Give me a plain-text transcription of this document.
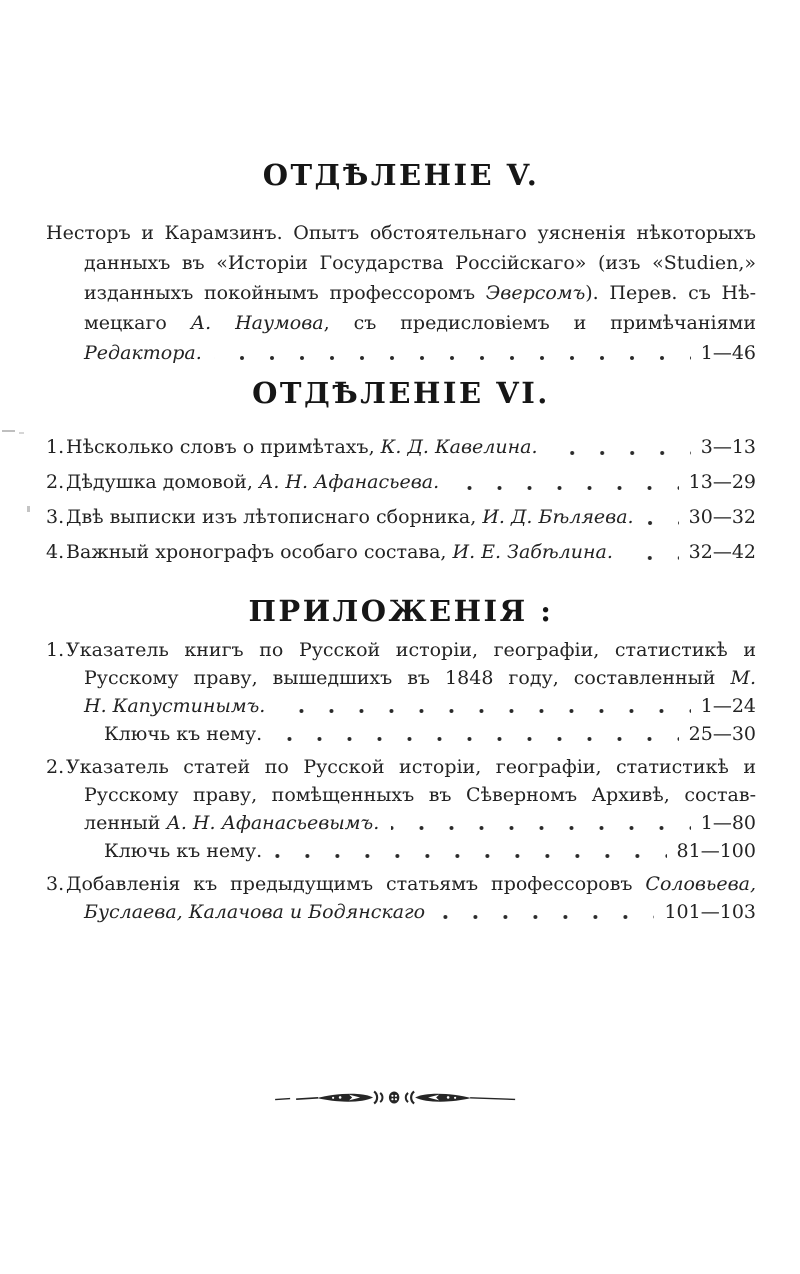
ОТДѢЛЕНІЕ V.
Несторъ и Карамзинъ. Опытъ обстоятельнаго уясненія нѣкоторыхъ
данныхъ въ «Исторіи Государства Россійскаго» (изъ «Studien,»
изданныхъ покойнымъ профессоромъ Эверсомъ). Перев. съ Нѣ-
мецкаго А. Наумова, съ предисловіемъ и примѣчаніями
Редактора.	1—46
ОТДѢЛЕНІЕ VI.
1. Нѣсколько словъ о примѣтахъ, К. Д. Кавелина.	3—13
2. Дѣдушка домовой, А. Н. Афанасьева.	13—29
3. Двѣ выписки изъ лѣтописнаго сборника, И. Д. Бѣляева.	30—32
4. Важный хронографъ особаго состава, И. Е. Забѣлина.	32—42
ПРИЛОЖЕНІЯ :
1. Указатель книгъ по Русской исторіи, географіи, статистикѣ и
Русскому праву, вышедшихъ въ 1848 году, составленный М.
Н. Капустинымъ.	1—24
Ключь къ нему.	25—30
2. Указатель статей по Русской исторіи, географіи, статистикѣ и
Русскому праву, помѣщенныхъ въ Сѣверномъ Архивѣ, состав-
ленный А. Н. Афанасьевымъ.	1—80
Ключь къ нему.	81—100
3. Добавленія къ предыдущимъ статьямъ профессоровъ Соловьева,
Буслаева, Калачова и Бодянскаго	101—103
